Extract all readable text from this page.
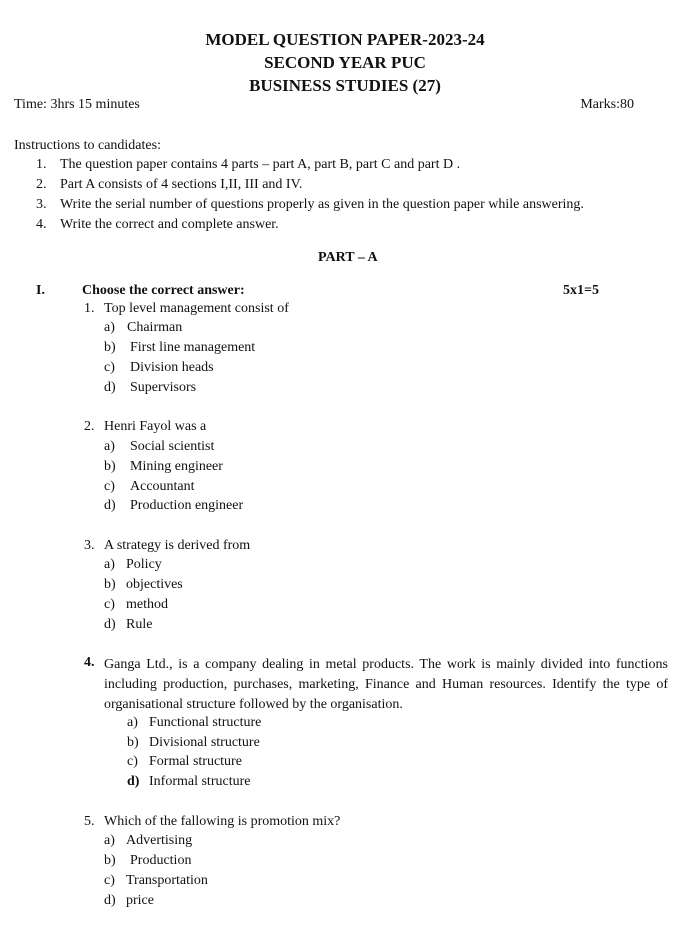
MODEL QUESTION PAPER-2023-24
SECOND YEAR PUC
BUSINESS STUDIES (27)
Time: 3hrs 15 minutes	Marks:80
Instructions to candidates:
1. The question paper contains 4 parts – part A, part B, part C and part D .
2. Part A consists of 4 sections I,II, III and IV.
3. Write the serial number of questions properly as given in the question paper while answering.
4. Write the correct and complete answer.
PART – A
I.	Choose the correct answer:	5x1=5
1. Top level management consist of
a) Chairman
b) First line management
c) Division heads
d) Supervisors
2. Henri Fayol was a
a) Social scientist
b) Mining engineer
c) Accountant
d) Production engineer
3. A strategy is derived from
a) Policy
b) objectives
c) method
d) Rule
4. Ganga Ltd., is a company dealing in metal products. The work is mainly divided into functions including production, purchases, marketing, Finance and Human resources. Identify the type of organisational structure followed by the organisation.
a) Functional structure
b) Divisional structure
c) Formal structure
d) Informal structure
5. Which of the fallowing is promotion mix?
a) Advertising
b) Production
c) Transportation
d) price
